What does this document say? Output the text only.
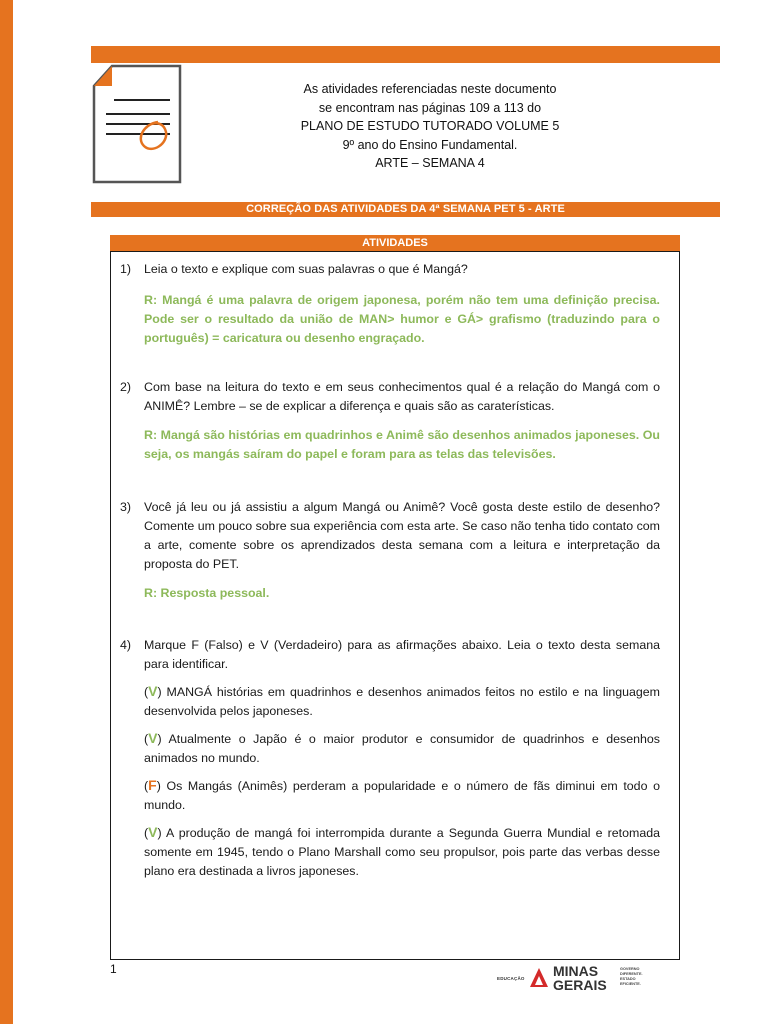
As atividades referenciadas neste documento
se encontram nas páginas 109 a 113 do
PLANO DE ESTUDO TUTORADO VOLUME 5
9º ano do Ensino Fundamental.
ARTE – SEMANA 4
CORREÇÃO DAS ATIVIDADES DA 4ª SEMANA PET 5 - ARTE
ATIVIDADES
1) Leia o texto e explique com suas palavras o que é Mangá?
R: Mangá é uma palavra de origem japonesa, porém não tem uma definição precisa. Pode ser o resultado da união de MAN> humor e GÁ> grafismo (traduzindo para o português) = caricatura ou desenho engraçado.
2) Com base na leitura do texto e em seus conhecimentos qual é a relação do Mangá com o ANIMÊ? Lembre – se de explicar a diferença e quais são as caraterísticas.
R: Mangá são histórias em quadrinhos e Animê são desenhos animados japoneses. Ou seja, os mangás saíram do papel e foram para as telas das televisões.
3) Você já leu ou já assistiu a algum Mangá ou Animê? Você gosta deste estilo de desenho? Comente um pouco sobre sua experiência com esta arte. Se caso não tenha tido contato com a arte, comente sobre os aprendizados desta semana com a leitura e interpretação da proposta do PET.
R: Resposta pessoal.
4) Marque F (Falso) e V (Verdadeiro) para as afirmações abaixo. Leia o texto desta semana para identificar.
(V) MANGÁ histórias em quadrinhos e desenhos animados feitos no estilo e na linguagem desenvolvida pelos japoneses.
(V) Atualmente o Japão é o maior produtor e consumidor de quadrinhos e desenhos animados no mundo.
(F) Os Mangás (Animês) perderam a popularidade e o número de fãs diminui em todo o mundo.
(V) A produção de mangá foi interrompida durante a Segunda Guerra Mundial e retomada somente em 1945, tendo o Plano Marshall como seu propulsor, pois parte das verbas desse plano era destinada a livros japoneses.
1
EDUCAÇÃO MINAS
GERAIS
GOVERNO
DIFERENTE.
ESTADO
EFICIENTE.
